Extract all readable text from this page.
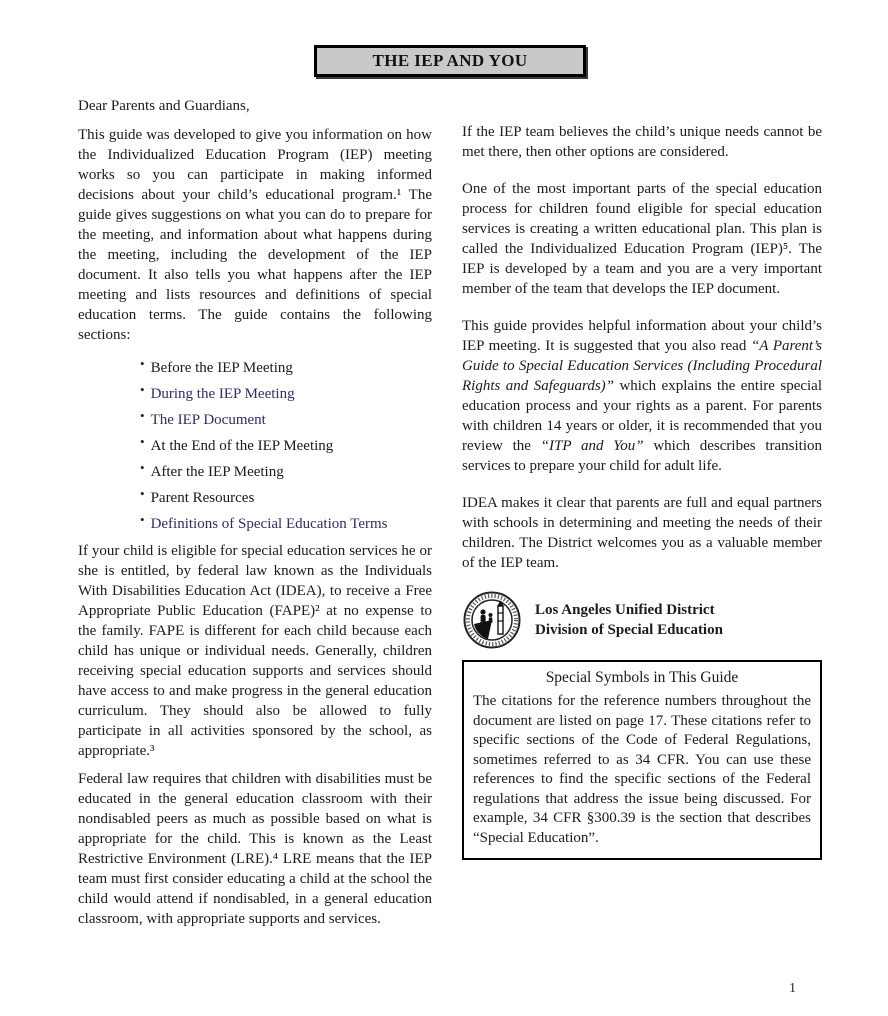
THE IEP AND YOU
Dear Parents and Guardians,

This guide was developed to give you information on how the Individualized Education Program (IEP) meeting works so you can participate in making informed decisions about your child’s educational program.¹ The guide gives suggestions on what you can do to prepare for the meeting, and information about what happens during the meeting, including the development of the IEP document. It also tells you what happens after the IEP meeting and lists resources and definitions of special education terms. The guide contains the following sections:

• Before the IEP Meeting
• During the IEP Meeting
• The IEP Document
• At the End of the IEP Meeting
• After the IEP Meeting
• Parent Resources
• Definitions of Special Education Terms

If your child is eligible for special education services he or she is entitled, by federal law known as the Individuals With Disabilities Education Act (IDEA), to receive a Free Appropriate Public Education (FAPE)² at no expense to the family. FAPE is different for each child because each child has unique or individual needs. Generally, children receiving special education supports and services should have access to and make progress in the general education curriculum. They should also be allowed to fully participate in all activities sponsored by the school, as appropriate.³

Federal law requires that children with disabilities must be educated in the general education classroom with their nondisabled peers as much as possible based on what is appropriate for the child. This is known as the Least Restrictive Environment (LRE).⁴ LRE means that the IEP team must first consider educating a child at the school the child would attend if nondisabled, in a general education classroom, with appropriate supports and services.

If the IEP team believes the child’s unique needs cannot be met there, then other options are considered.

One of the most important parts of the special education process for children found eligible for special education services is creating a written educational plan. This plan is called the Individualized Education Program (IEP)⁵. The IEP is developed by a team and you are a very important member of the team that develops the IEP document.

This guide provides helpful information about your child’s IEP meeting. It is suggested that you also read “A Parent’s Guide to Special Education Services (Including Procedural Rights and Safeguards)” which explains the entire special education process and your rights as a parent. For parents with children 14 years or older, it is recommended that you review the “ITP and You” which describes transition services to prepare your child for adult life.

IDEA makes it clear that parents are full and equal partners with schools in determining and meeting the needs of their children. The District welcomes you as a valuable member of the IEP team.

Los Angeles Unified District
Division of Special Education
Special Symbols in This Guide
The citations for the reference numbers throughout the document are listed on page 17. These citations refer to specific sections of the Code of Federal Regulations, sometimes referred to as 34 CFR. You can use these references to find the specific sections of the Federal regulations that address the issue being discussed. For example, 34 CFR §300.39 is the section that describes “Special Education”.
1
